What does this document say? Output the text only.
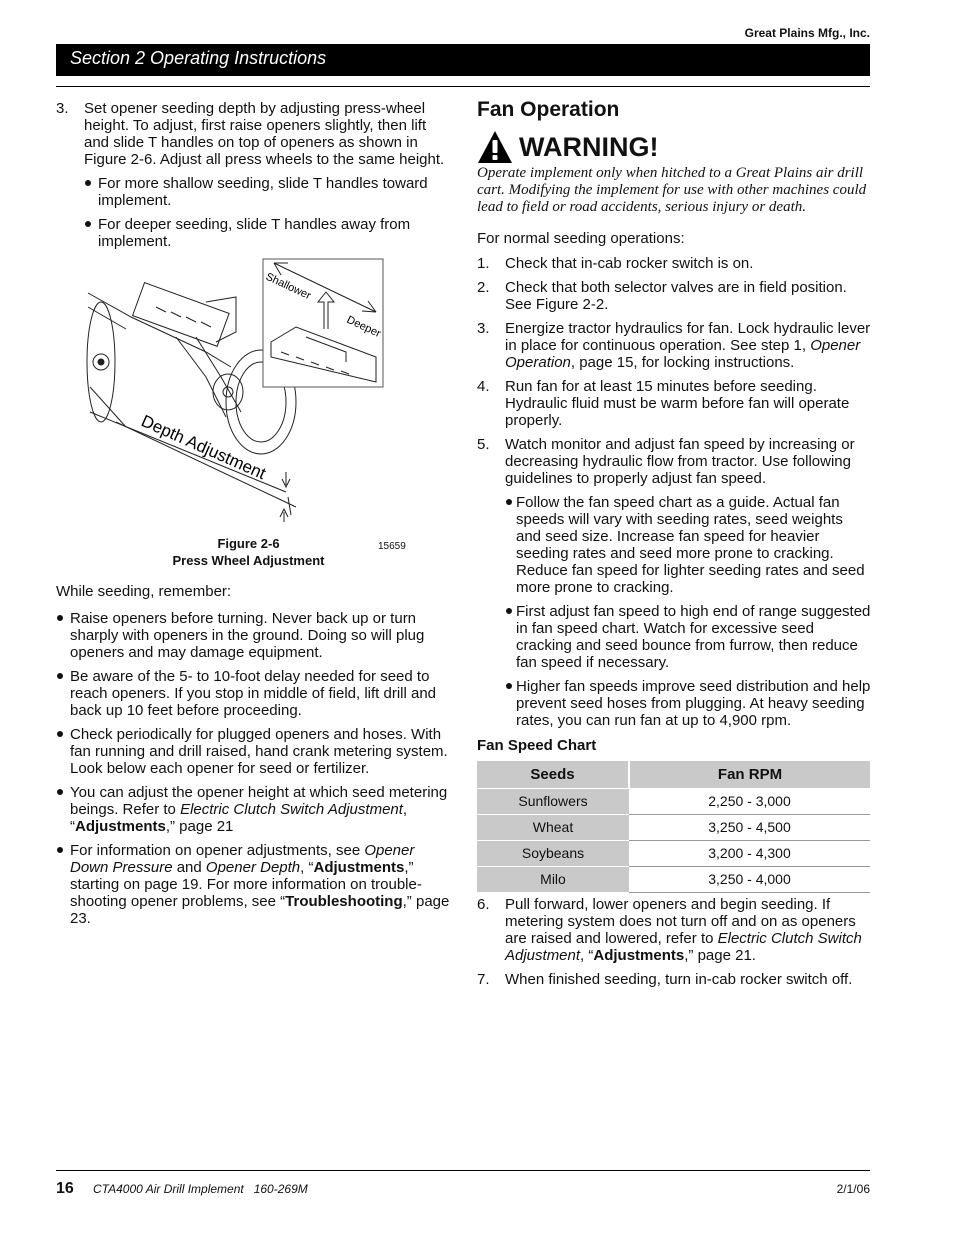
Great Plains Mfg., Inc.
Section 2 Operating Instructions
3. Set opener seeding depth by adjusting press-wheel height. To adjust, first raise openers slightly, then lift and slide T handles on top of openers as shown in Figure 2-6. Adjust all press wheels to the same height.
For more shallow seeding, slide T handles toward implement.
For deeper seeding, slide T handles away from implement.
Shallower
Deeper
Depth Adjustment
Figure 2-6
Press Wheel Adjustment
15659
While seeding, remember:
Raise openers before turning. Never back up or turn sharply with openers in the ground. Doing so will plug openers and may damage equipment.
Be aware of the 5- to 10-foot delay needed for seed to reach openers. If you stop in middle of field, lift drill and back up 10 feet before proceeding.
Check periodically for plugged openers and hoses. With fan running and drill raised, hand crank metering system. Look below each opener for seed or fertilizer.
You can adjust the opener height at which seed metering beings. Refer to Electric Clutch Switch Adjustment, “Adjustments,” page 21
For information on opener adjustments, see Opener Down Pressure and Opener Depth, “Adjustments,” starting on page 19. For more information on trouble-shooting opener problems, see “Troubleshooting,” page 23.
Fan Operation
WARNING!
Operate implement only when hitched to a Great Plains air drill cart. Modifying the implement for use with other machines could lead to field or road accidents, serious injury or death.
For normal seeding operations:
1. Check that in-cab rocker switch is on.
2. Check that both selector valves are in field position. See Figure 2-2.
3. Energize tractor hydraulics for fan. Lock hydraulic lever in place for continuous operation. See step 1, Opener Operation, page 15, for locking instructions.
4. Run fan for at least 15 minutes before seeding. Hydraulic fluid must be warm before fan will operate properly.
5. Watch monitor and adjust fan speed by increasing or decreasing hydraulic flow from tractor. Use following guidelines to properly adjust fan speed.
Follow the fan speed chart as a guide. Actual fan speeds will vary with seeding rates, seed weights and seed size. Increase fan speed for heavier seeding rates and seed more prone to cracking. Reduce fan speed for lighter seeding rates and seed more prone to cracking.
First adjust fan speed to high end of range suggested in fan speed chart. Watch for excessive seed cracking and seed bounce from furrow, then reduce fan speed if necessary.
Higher fan speeds improve seed distribution and help prevent seed hoses from plugging. At heavy seeding rates, you can run fan at up to 4,900 rpm.
Fan Speed Chart
Seeds	Fan RPM
Sunflowers	2,250 - 3,000
Wheat	3,250 - 4,500
Soybeans	3,200 - 4,300
Milo	3,250 - 4,000
6. Pull forward, lower openers and begin seeding. If metering system does not turn off and on as openers are raised and lowered, refer to Electric Clutch Switch Adjustment, “Adjustments,” page 21.
7. When finished seeding, turn in-cab rocker switch off.
16 CTA4000 Air Drill Implement   160-269M	2/1/06
